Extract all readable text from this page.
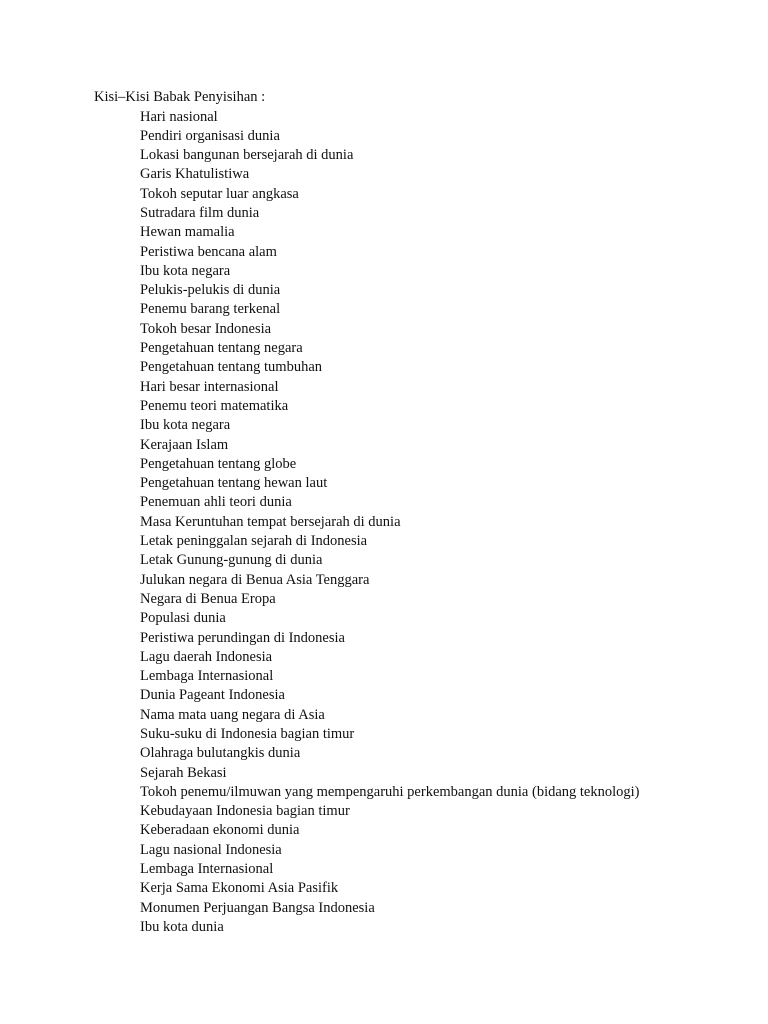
Kisi–Kisi Babak Penyisihan :
Hari nasional
Pendiri organisasi dunia
Lokasi bangunan bersejarah di dunia
Garis Khatulistiwa
Tokoh seputar luar angkasa
Sutradara film dunia
Hewan mamalia
Peristiwa bencana alam
Ibu kota negara
Pelukis-pelukis di dunia
Penemu barang terkenal
Tokoh besar Indonesia
Pengetahuan tentang negara
Pengetahuan tentang tumbuhan
Hari besar internasional
Penemu teori matematika
Ibu kota negara
Kerajaan Islam
Pengetahuan tentang globe
Pengetahuan tentang hewan laut
Penemuan ahli teori dunia
Masa Keruntuhan tempat bersejarah di dunia
Letak peninggalan sejarah di Indonesia
Letak Gunung-gunung di dunia
Julukan negara di Benua Asia Tenggara
Negara di Benua Eropa
Populasi dunia
Peristiwa perundingan di Indonesia
Lagu daerah Indonesia
Lembaga Internasional
Dunia Pageant Indonesia
Nama mata uang negara di Asia
Suku-suku di Indonesia bagian timur
Olahraga bulutangkis dunia
Sejarah Bekasi
Tokoh penemu/ilmuwan yang mempengaruhi perkembangan dunia (bidang teknologi)
Kebudayaan Indonesia bagian timur
Keberadaan ekonomi dunia
Lagu nasional Indonesia
Lembaga Internasional
Kerja Sama Ekonomi Asia Pasifik
Monumen Perjuangan Bangsa Indonesia
Ibu kota dunia
